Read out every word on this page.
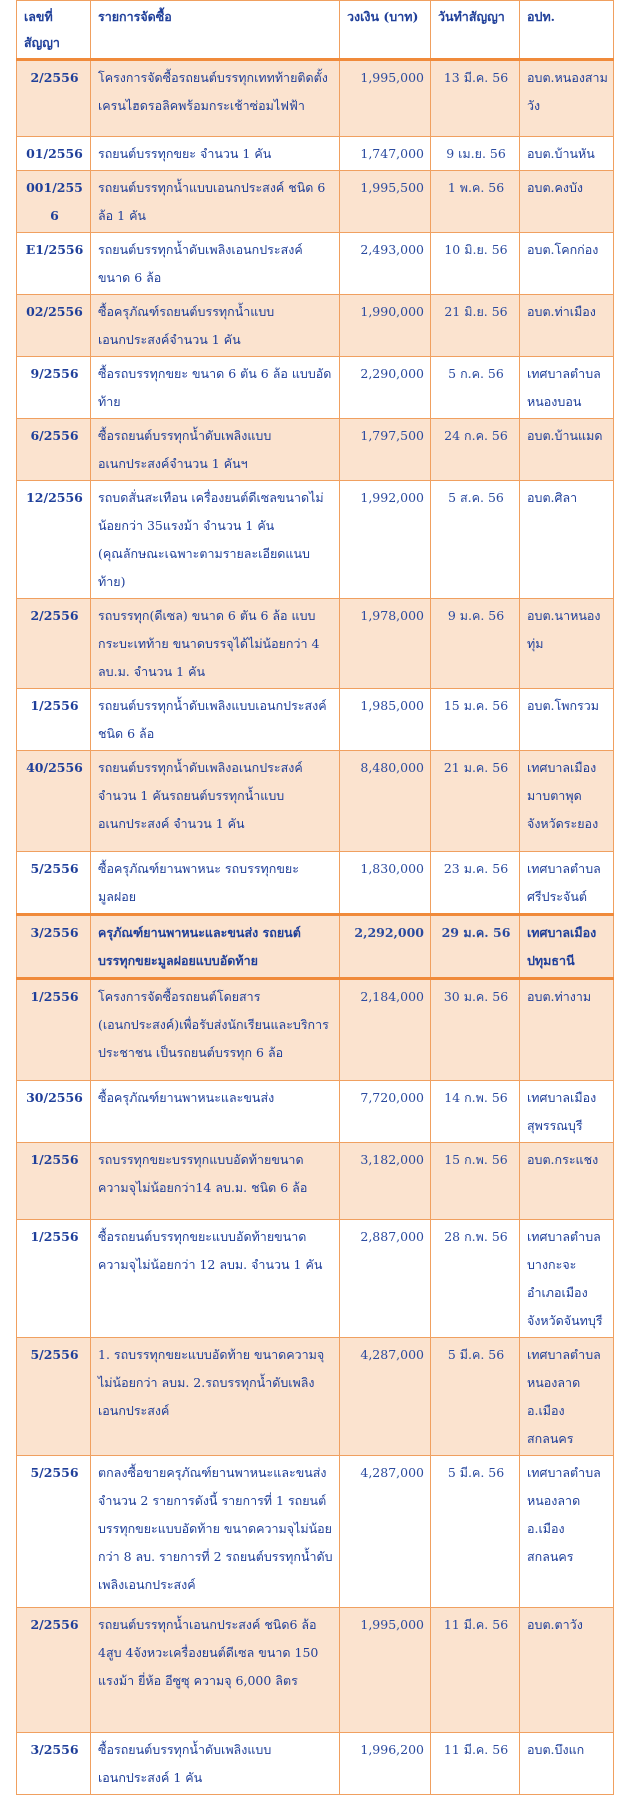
เลขที่สัญญา	รายการจัดซื้อ	วงเงิน (บาท)	วันทำสัญญา	อปท.
2/2556	โครงการจัดซื้อรถยนต์บรรทุกเททท้ายติดตั้งเครนไฮดรอลิคพร้อมกระเช้าซ่อมไฟฟ้า	1,995,000	13 มี.ค. 56	อบต.หนองสามวัง
01/2556	รถยนต์บรรทุกขยะ จำนวน 1 คัน	1,747,000	9 เม.ย. 56	อบต.บ้านหัน
001/2556	รถยนต์บรรทุกน้ำแบบเอนกประสงค์ ชนิด 6 ล้อ 1 คัน	1,995,500	1 พ.ค. 56	อบต.คงบัง
E1/2556	รถยนต์บรรทุกน้ำดับเพลิงเอนกประสงค์ขนาด 6 ล้อ	2,493,000	10 มิ.ย. 56	อบต.โคกก่อง
02/2556	ซื้อครุภัณฑ์รถยนต์บรรทุกน้ำแบบเอนกประสงค์จำนวน 1 คัน	1,990,000	21 มิ.ย. 56	อบต.ท่าเมือง
9/2556	ซื้อรถบรรทุกขยะ ขนาด 6 ตัน 6 ล้อ แบบอัดท้าย	2,290,000	5 ก.ค. 56	เทศบาลตำบลหนองบอน
6/2556	ซื้อรถยนต์บรรทุกน้ำดับเพลิงแบบอเนกประสงค์จำนวน 1 คันฯ	1,797,500	24 ก.ค. 56	อบต.บ้านแมด
12/2556	รถบดสั่นสะเทือน เครื่องยนต์ดีเซลขนาดไม่น้อยกว่า 35แรงม้า จำนวน 1 คัน (คุณลักษณะเฉพาะตามรายละเอียดแนบท้าย)	1,992,000	5 ส.ค. 56	อบต.ศิลา
2/2556	รถบรรทุก(ดีเซล) ขนาด 6 ตัน 6 ล้อ แบบกระบะเทท้าย ขนาดบรรจุได้ไม่น้อยกว่า 4 ลบ.ม. จำนวน 1 คัน	1,978,000	9 ม.ค. 56	อบต.นาหนองทุ่ม
1/2556	รถยนต์บรรทุกน้ำดับเพลิงแบบเอนกประสงค์ ชนิด 6 ล้อ	1,985,000	15 ม.ค. 56	อบต.โพกรวม
40/2556	รถยนต์บรรทุกน้ำดับเพลิงอเนกประสงค์ จำนวน 1 คันรถยนต์บรรทุกน้ำแบบอเนกประสงค์ จำนวน 1 คัน	8,480,000	21 ม.ค. 56	เทศบาลเมืองมาบตาพุด จังหวัดระยอง
5/2556	ซื้อครุภัณฑ์ยานพาหนะ รถบรรทุกขยะมูลฝอย	1,830,000	23 ม.ค. 56	เทศบาลตำบลศรีประจันต์
3/2556	ครุภัณฑ์ยานพาหนะและขนส่ง รถยนต์บรรทุกขยะมูลฝอยแบบอัดท้าย	2,292,000	29 ม.ค. 56	เทศบาลเมืองปทุมธานี
1/2556	โครงการจัดซื้อรถยนต์โดยสาร (เอนกประสงค์)เพื่อรับส่งนักเรียนและบริการประชาชน เป็นรถยนต์บรรทุก 6 ล้อ	2,184,000	30 ม.ค. 56	อบต.ท่างาม
30/2556	ซื้อครุภัณฑ์ยานพาหนะและขนส่ง	7,720,000	14 ก.พ. 56	เทศบาลเมืองสุพรรณบุรี
1/2556	รถบรรทุกขยะบรรทุกแบบอัดท้ายขนาดความจุไม่น้อยกว่า14 ลบ.ม. ชนิด 6 ล้อ	3,182,000	15 ก.พ. 56	อบต.กระแชง
1/2556	ซื้อรถยนต์บรรทุกขยะแบบอัดท้ายขนาดความจุไม่น้อยกว่า 12 ลบม. จำนวน 1 คัน	2,887,000	28 ก.พ. 56	เทศบาลตำบลบางกะจะ อำเภอเมือง จังหวัดจันทบุรี
5/2556	1. รถบรรทุกขยะแบบอัดท้าย ขนาดความจุไม่น้อยกว่า ลบม. 2.รถบรรทุกน้ำดับเพลิงเอนกประสงค์	4,287,000	5 มี.ค. 56	เทศบาลตำบลหนองลาด อ.เมืองสกลนคร
5/2556	ตกลงซื้อขายครุภัณฑ์ยานพาหนะและขนส่ง จำนวน 2 รายการดังนี้ รายการที่ 1 รถยนต์บรรทุกขยะแบบอัดท้าย ขนาดความจุไม่น้อยกว่า 8 ลบ. รายการที่ 2 รถยนต์บรรทุกน้ำดับเพลิงเอนกประสงค์	4,287,000	5 มี.ค. 56	เทศบาลตำบลหนองลาด อ.เมืองสกลนคร
2/2556	รถยนต์บรรทุกน้ำเอนกประสงค์ ชนิด6 ล้อ 4สูบ 4จังหวะเครื่องยนต์ดีเซล ขนาด 150 แรงม้า ยี่ห้อ อีซูซุ ความจุ 6,000 ลิตร	1,995,000	11 มี.ค. 56	อบต.ตาวัง
3/2556	ซื้อรถยนต์บรรทุกน้ำดับเพลิงแบบเอนกประสงค์ 1 คัน	1,996,200	11 มี.ค. 56	อบต.บึงแก
